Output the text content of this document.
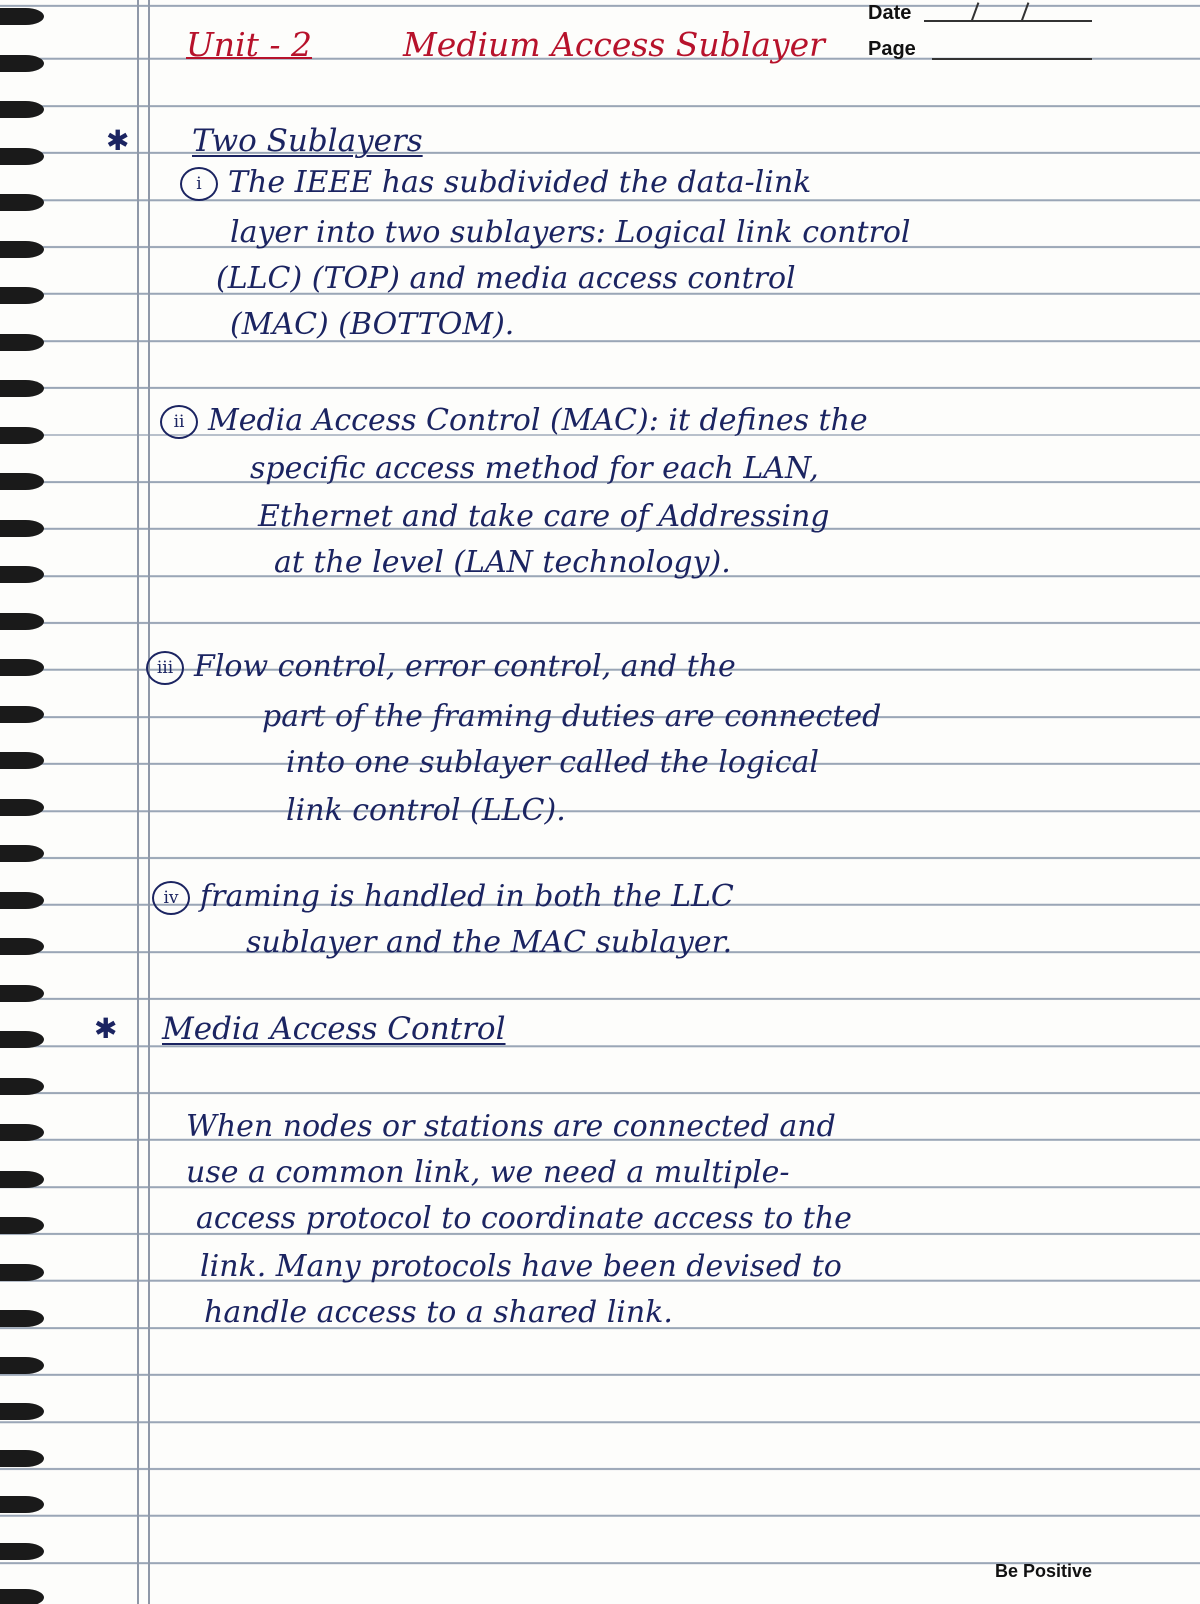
Date
Page
Unit - 2	Medium Access Sublayer
✱ Two Sublayers
i The IEEE has subdivided the data-link
layer into two sublayers: Logical link control
(LLC) (TOP) and media access control
(MAC) (BOTTOM).
ii Media Access Control (MAC): it defines the
specific access method for each LAN,
Ethernet and take care of Addressing
at the level (LAN technology).
iii Flow control, error control, and the
part of the framing duties are connected
into one sublayer called the logical
link control (LLC).
iv framing is handled in both the LLC
sublayer and the MAC sublayer.
✱ Media Access Control
When nodes or stations are connected and
use a common link, we need a multiple-
access protocol to coordinate access to the
link. Many protocols have been devised to
handle access to a shared link.
Be Positive
